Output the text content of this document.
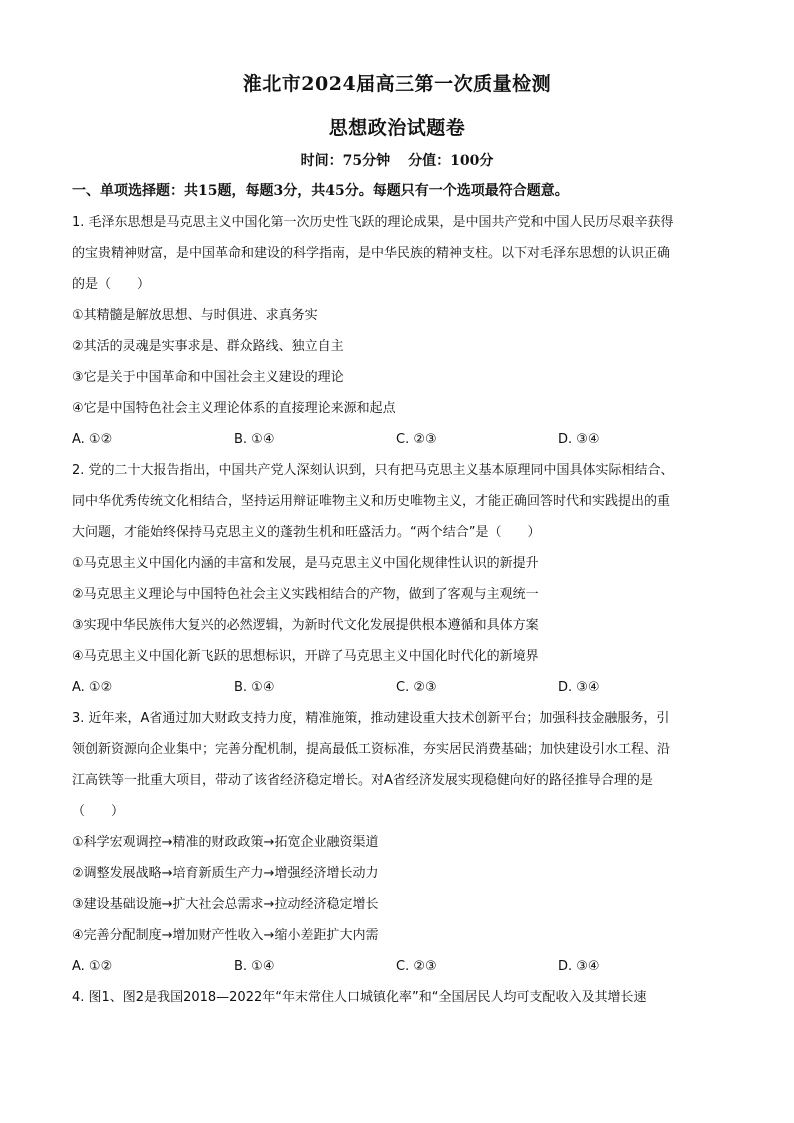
淮北市2024届高三第一次质量检测
思想政治试题卷
时间：75分钟 分值：100分
一、单项选择题：共15题，每题3分，共45分。每题只有一个选项最符合题意。
1. 毛泽东思想是马克思主义中国化第一次历史性飞跃的理论成果，是中国共产党和中国人民历尽艰辛获得
的宝贵精神财富，是中国革命和建设的科学指南，是中华民族的精神支柱。以下对毛泽东思想的认识正确
的是（　　）
①其精髓是解放思想、与时俱进、求真务实
②其活的灵魂是实事求是、群众路线、独立自主
③它是关于中国革命和中国社会主义建设的理论
④它是中国特色社会主义理论体系的直接理论来源和起点
A. ①②	B. ①④	C. ②③	D. ③④
2. 党的二十大报告指出，中国共产党人深刻认识到，只有把马克思主义基本原理同中国具体实际相结合、
同中华优秀传统文化相结合，坚持运用辩证唯物主义和历史唯物主义，才能正确回答时代和实践提出的重
大问题，才能始终保持马克思主义的蓬勃生机和旺盛活力。“两个结合”是（　　）
①马克思主义中国化内涵的丰富和发展，是马克思主义中国化规律性认识的新提升
②马克思主义理论与中国特色社会主义实践相结合的产物，做到了客观与主观统一
③实现中华民族伟大复兴的必然逻辑，为新时代文化发展提供根本遵循和具体方案
④马克思主义中国化新飞跃的思想标识，开辟了马克思主义中国化时代化的新境界
A. ①②	B. ①④	C. ②③	D. ③④
3. 近年来，A省通过加大财政支持力度，精准施策，推动建设重大技术创新平台；加强科技金融服务，引
领创新资源向企业集中；完善分配机制，提高最低工资标准，夯实居民消费基础；加快建设引水工程、沿
江高铁等一批重大项目，带动了该省经济稳定增长。对A省经济发展实现稳健向好的路径推导合理的是
（　　）
①科学宏观调控→精准的财政政策→拓宽企业融资渠道
②调整发展战略→培育新质生产力→增强经济增长动力
③建设基础设施→扩大社会总需求→拉动经济稳定增长
④完善分配制度→增加财产性收入→缩小差距扩大内需
A. ①②	B. ①④	C. ②③	D. ③④
4. 图1、图2是我国2018—2022年“年末常住人口城镇化率”和“全国居民人均可支配收入及其增长速
